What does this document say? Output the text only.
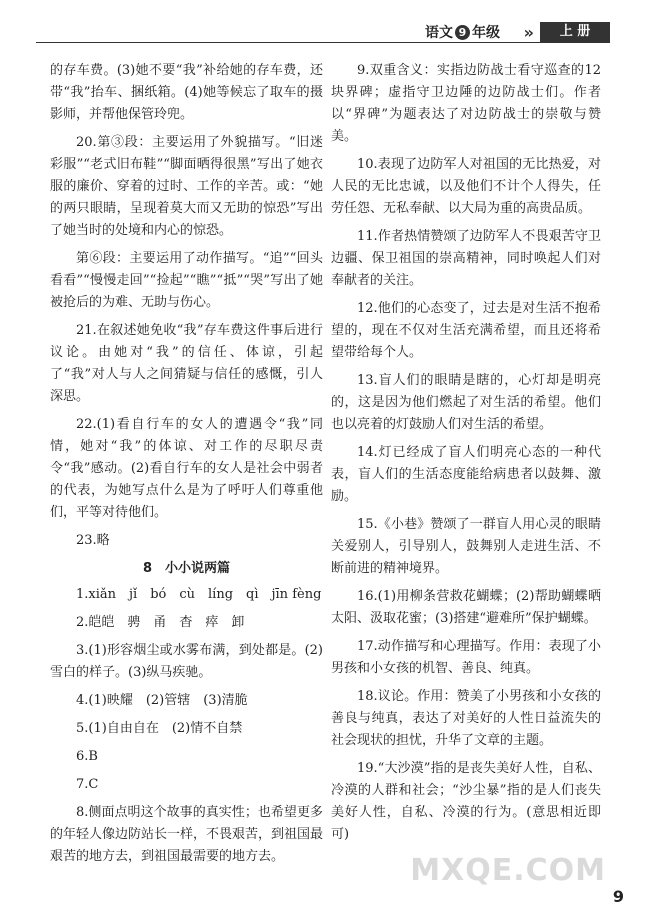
语文 9 年级 »	上 册

的存车费。(3)她不要“我”补给她的存车费，还带“我”抬车、捆纸箱。(4)她等候忘了取车的摄影师，并帮他保管玲兜。

20.第③段：主要运用了外貌描写。“旧迷彩服”“老式旧布鞋”“脚面晒得很黑”写出了她衣服的廉价、穿着的过时、工作的辛苦。或：“她的两只眼睛，呈现着莫大而又无助的惊恐”写出了她当时的处境和内心的惊恐。

第⑥段：主要运用了动作描写。“追”“回头看看”“慢慢走回”“捡起”“瞧”“抵”“哭”写出了她被抢后的为难、无助与伤心。

21.在叙述她免收“我”存车费这件事后进行议论。由她对“我”的信任、体谅，引起了“我”对人与人之间猜疑与信任的感慨，引人深思。

22.(1)看自行车的女人的遭遇令“我”同情，她对“我”的体谅、对工作的尽职尽责令“我”感动。(2)看自行车的女人是社会中弱者的代表，为她写点什么是为了呼吁人们尊重他们，平等对待他们。

23.略

8　小小说两篇

1.xiǎn　jǐ　bó　cù　líng　qì　jīn fèng

2.皑皑　骋　甬　杳　瘁　卸

3.(1)形容烟尘或水雾布满，到处都是。(2)雪白的样子。(3)纵马疾驰。

4.(1)映耀　(2)管辖　(3)清脆

5.(1)自由自在　(2)情不自禁

6.B

7.C

8.侧面点明这个故事的真实性；也希望更多的年轻人像边防站长一样，不畏艰苦，到祖国最艰苦的地方去，到祖国最需要的地方去。

9.双重含义：实指边防战士看守巡查的12块界碑；虚指守卫边陲的边防战士们。作者以“界碑”为题表达了对边防战士的崇敬与赞美。

10.表现了边防军人对祖国的无比热爱，对人民的无比忠诚，以及他们不计个人得失，任劳任怨、无私奉献、以大局为重的高贵品质。

11.作者热情赞颂了边防军人不畏艰苦守卫边疆、保卫祖国的崇高精神，同时唤起人们对奉献者的关注。

12.他们的心态变了，过去是对生活不抱希望的，现在不仅对生活充满希望，而且还将希望带给每个人。

13.盲人们的眼睛是瞎的，心灯却是明亮的，这是因为他们燃起了对生活的希望。他们也以亮着的灯鼓励人们对生活的希望。

14.灯已经成了盲人们明亮心态的一种代表，盲人们的生活态度能给病患者以鼓舞、激励。

15.《小巷》赞颂了一群盲人用心灵的眼睛关爱别人，引导别人，鼓舞别人走进生活、不断前进的精神境界。

16.(1)用柳条营救花蝴蝶；(2)帮助蝴蝶晒太阳、汲取花蜜；(3)搭建“避难所”保护蝴蝶。

17.动作描写和心理描写。作用：表现了小男孩和小女孩的机智、善良、纯真。

18.议论。作用：赞美了小男孩和小女孩的善良与纯真，表达了对美好的人性日益流失的社会现状的担忧，升华了文章的主题。

19.“大沙漠”指的是丧失美好人性，自私、冷漠的人群和社会；“沙尘暴”指的是人们丧失美好人性，自私、冷漠的行为。(意思相近即可)

MXQE.COM
9
